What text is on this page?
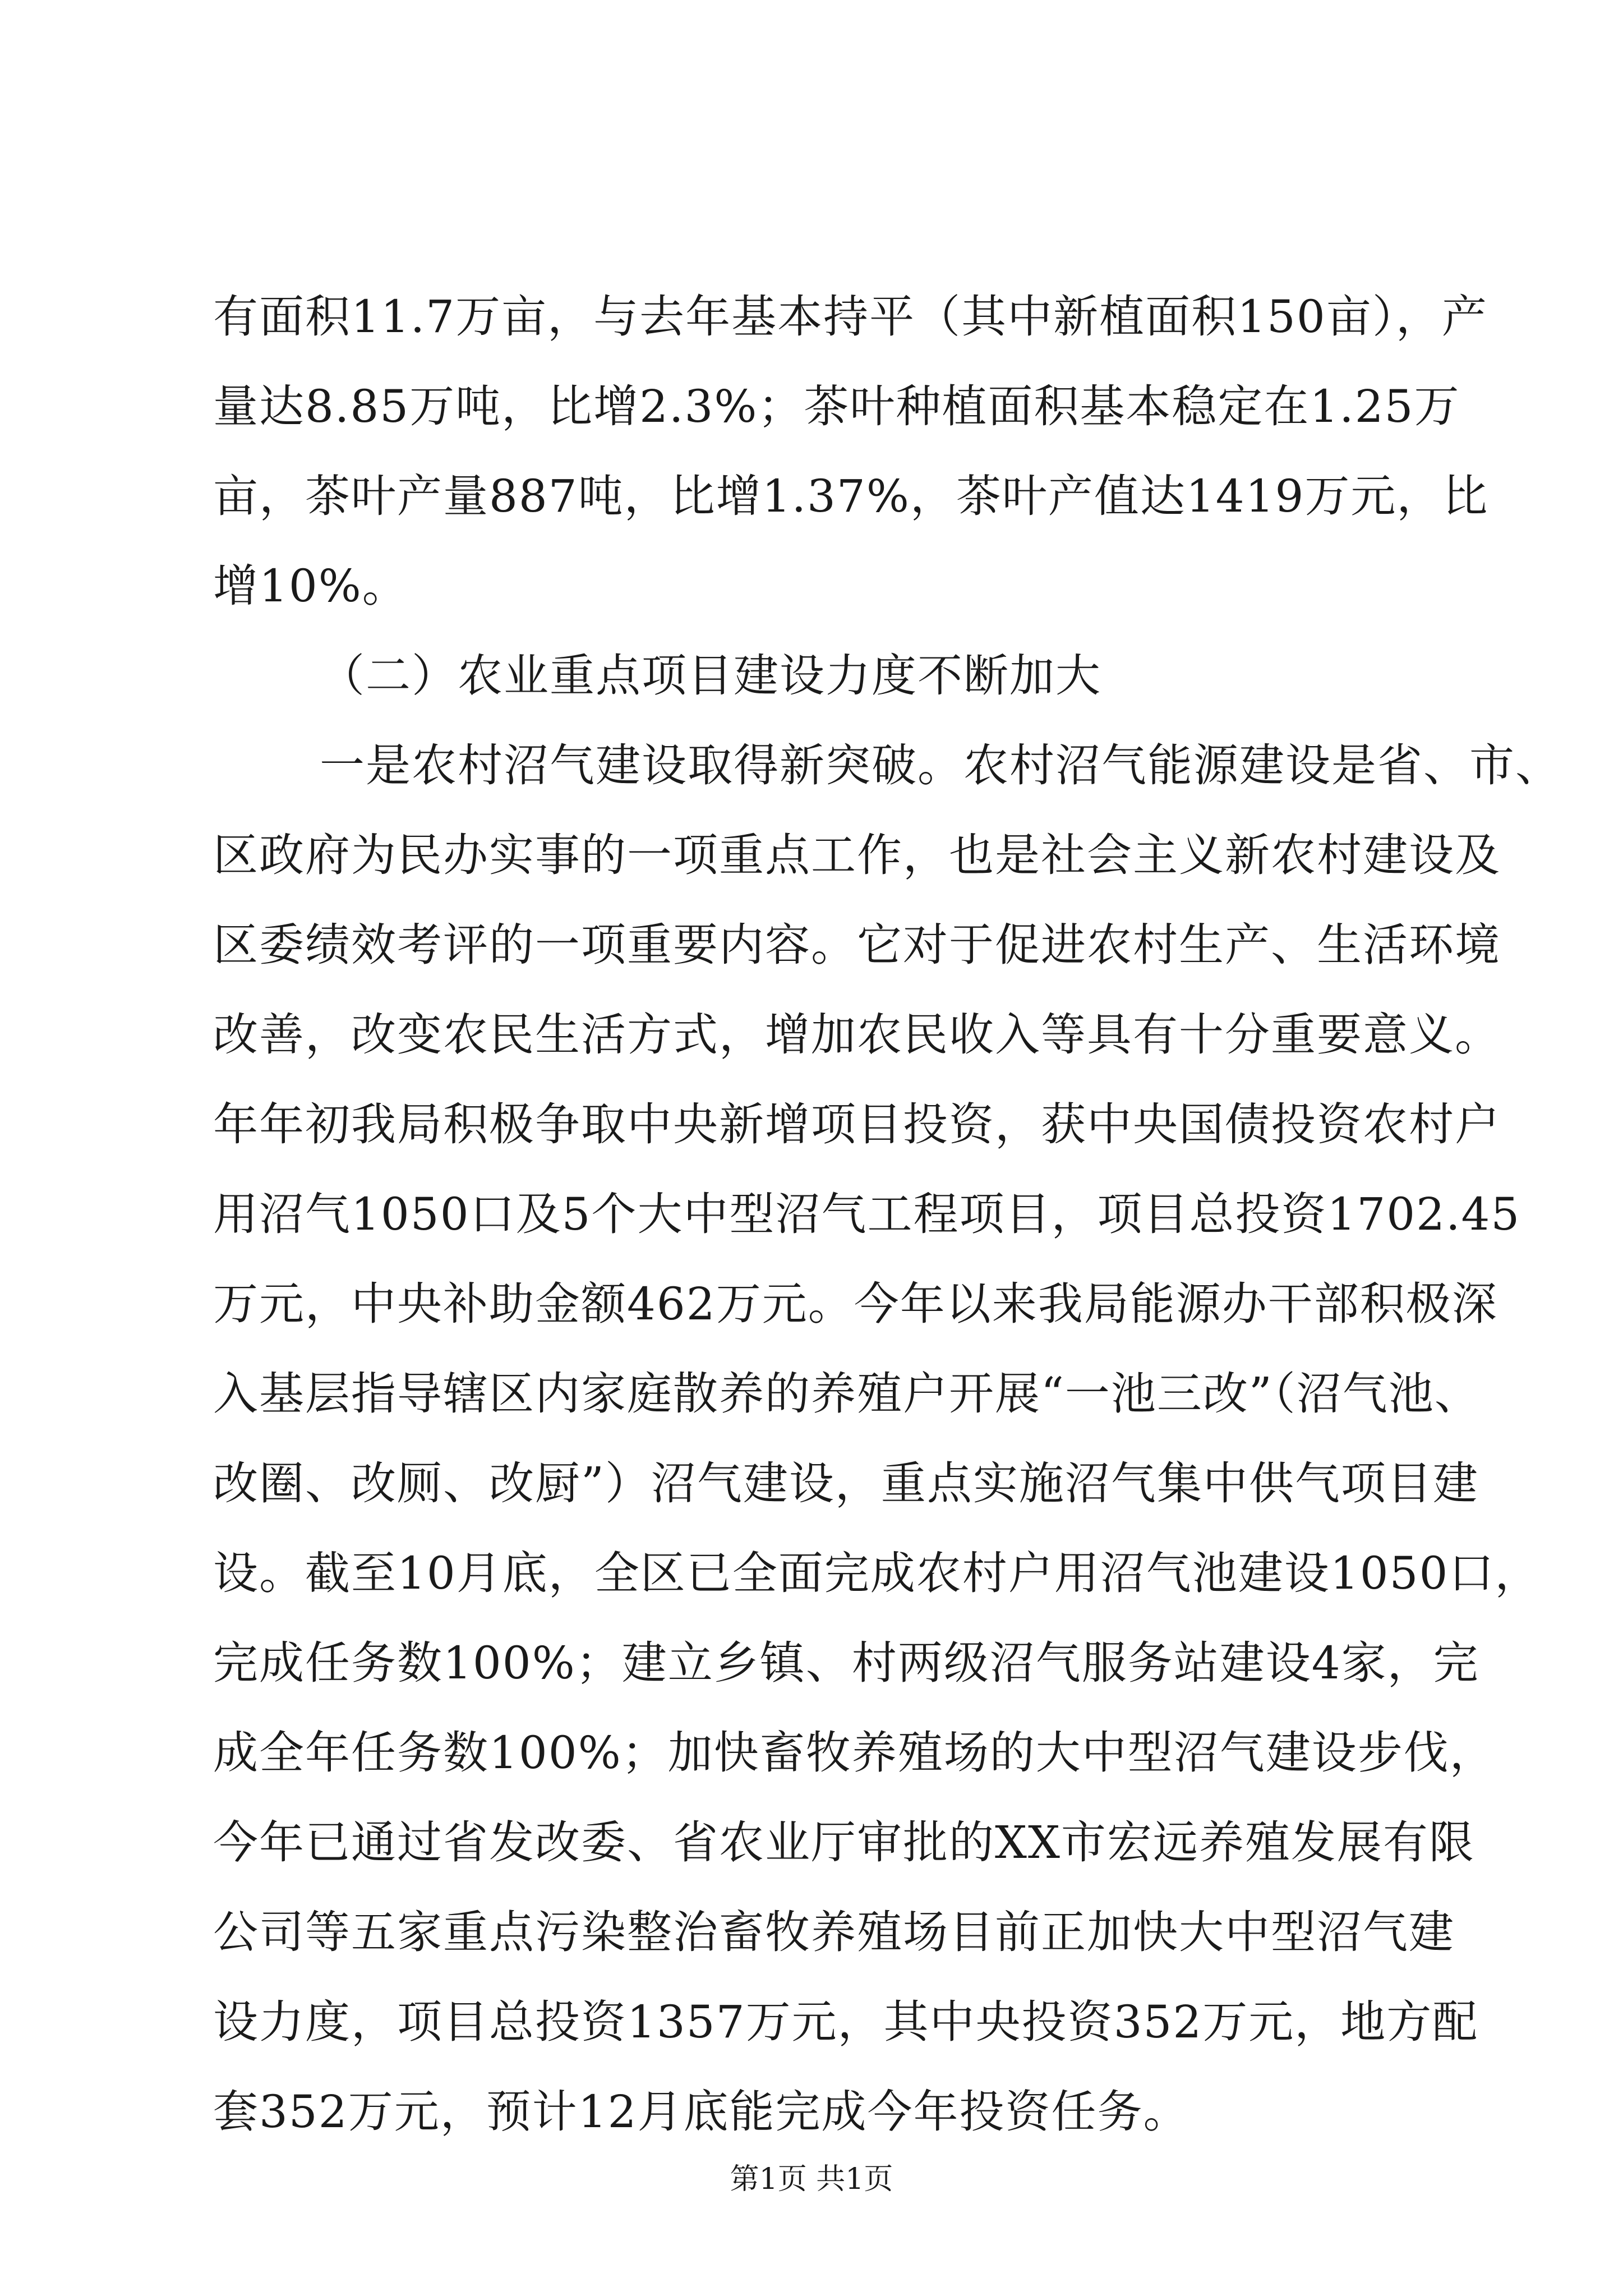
有面积11.7万亩，与去年基本持平（其中新植面积150亩），产
量达8.85万吨，比增2.3%；茶叶种植面积基本稳定在1.25万
亩，茶叶产量887吨，比增1.37%，茶叶产值达1419万元，比
增10%。
（二）农业重点项目建设力度不断加大
一是农村沼气建设取得新突破。农村沼气能源建设是省、市、
区政府为民办实事的一项重点工作，也是社会主义新农村建设及
区委绩效考评的一项重要内容。它对于促进农村生产、生活环境
改善，改变农民生活方式，增加农民收入等具有十分重要意义。
年年初我局积极争取中央新增项目投资，获中央国债投资农村户
用沼气1050口及5个大中型沼气工程项目，项目总投资1702.45
万元，中央补助金额462万元。今年以来我局能源办干部积极深
入基层指导辖区内家庭散养的养殖户开展“一池三改”（沼气池、
改圈、改厕、改厨”）沼气建设，重点实施沼气集中供气项目建
设。截至10月底，全区已全面完成农村户用沼气池建设1050口，
完成任务数100%；建立乡镇、村两级沼气服务站建设4家，完
成全年任务数100%；加快畜牧养殖场的大中型沼气建设步伐，
今年已通过省发改委、省农业厅审批的XX市宏远养殖发展有限
公司等五家重点污染整治畜牧养殖场目前正加快大中型沼气建
设力度，项目总投资1357万元，其中央投资352万元，地方配
套352万元，预计12月底能完成今年投资任务。
第1页 共1页
